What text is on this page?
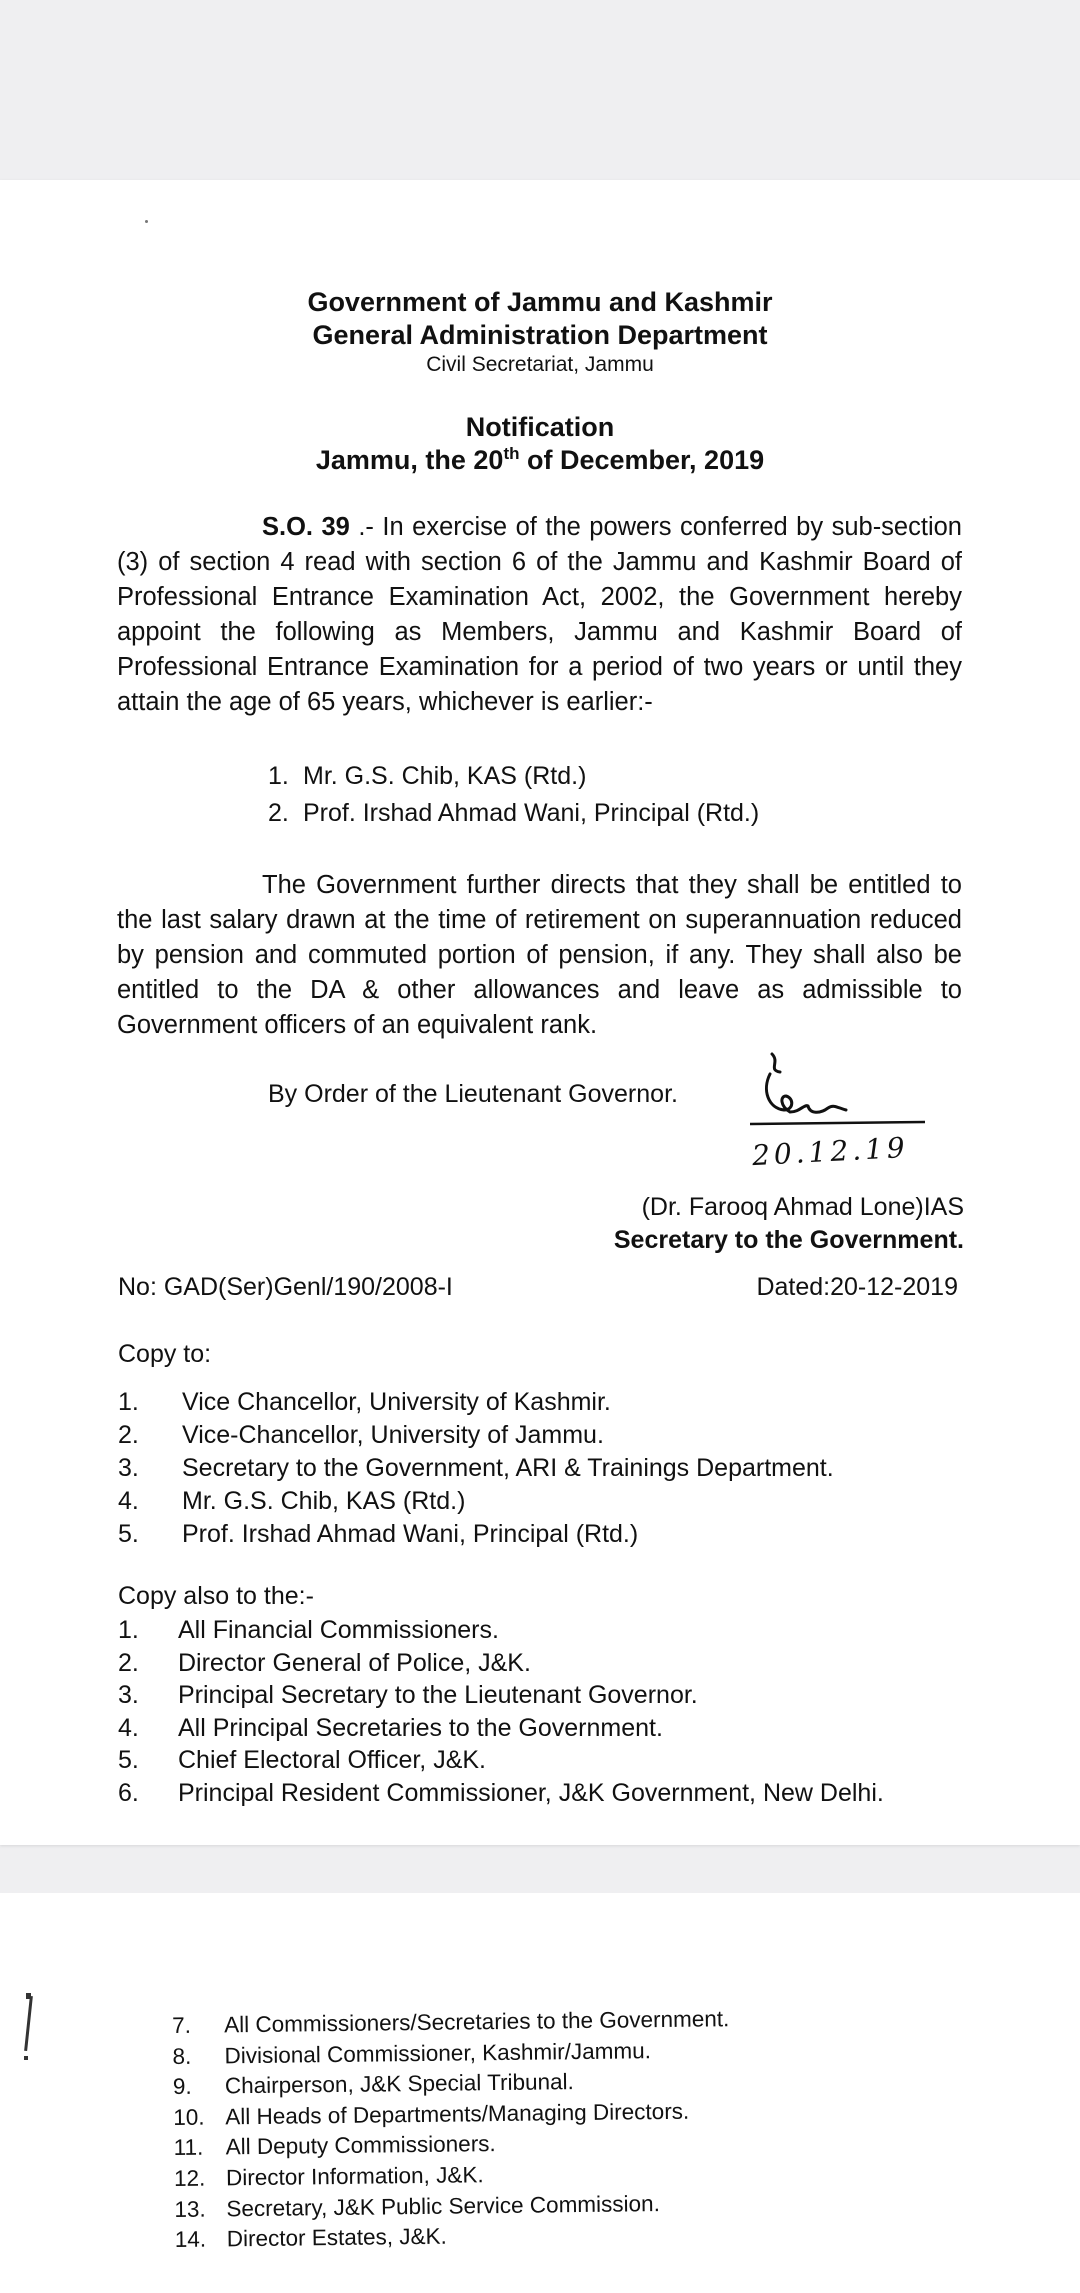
Government of Jammu and Kashmir
General Administration Department
Civil Secretariat, Jammu
Notification
Jammu, the 20th of December, 2019
S.O. 39 .- In exercise of the powers conferred by sub-section (3) of section 4 read with section 6 of the Jammu and Kashmir Board of Professional Entrance Examination Act, 2002, the Government hereby appoint the following as Members, Jammu and Kashmir Board of Professional Entrance Examination for a period of two years or until they attain the age of 65 years, whichever is earlier:-
1. Mr. G.S. Chib, KAS (Rtd.)
2. Prof. Irshad Ahmad Wani, Principal (Rtd.)
The Government further directs that they shall be entitled to the last salary drawn at the time of retirement on superannuation reduced by pension and commuted portion of pension, if any. They shall also be entitled to the DA & other allowances and leave as admissible to Government officers of an equivalent rank.
By Order of the Lieutenant Governor.
20.12.19
(Dr. Farooq Ahmad Lone)IAS
Secretary to the Government.
No: GAD(Ser)Genl/190/2008-I	Dated:20-12-2019
Copy to:
1. Vice Chancellor, University of Kashmir.
2. Vice-Chancellor, University of Jammu.
3. Secretary to the Government, ARI & Trainings Department.
4. Mr. G.S. Chib, KAS (Rtd.)
5. Prof. Irshad Ahmad Wani, Principal (Rtd.)
Copy also to the:-
1. All Financial Commissioners.
2. Director General of Police, J&K.
3. Principal Secretary to the Lieutenant Governor.
4. All Principal Secretaries to the Government.
5. Chief Electoral Officer, J&K.
6. Principal Resident Commissioner, J&K Government, New Delhi.
7. All Commissioners/Secretaries to the Government.
8. Divisional Commissioner, Kashmir/Jammu.
9. Chairperson, J&K Special Tribunal.
10. All Heads of Departments/Managing Directors.
11. All Deputy Commissioners.
12. Director Information, J&K.
13. Secretary, J&K Public Service Commission.
14. Director Estates, J&K.
